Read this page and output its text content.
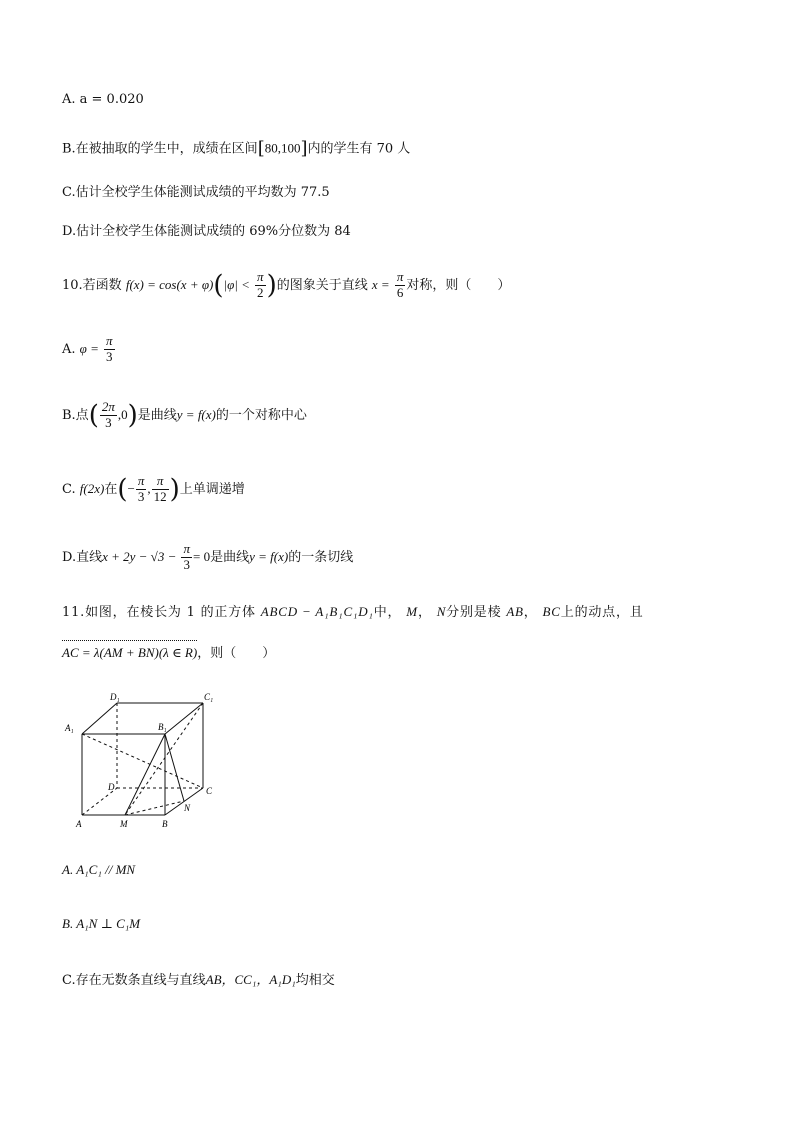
A. a = 0.020
B.在被抽取的学生中，成绩在区间[80,100]内的学生有 70 人
C.估计全校学生体能测试成绩的平均数为 77.5
D.估计全校学生体能测试成绩的 69%分位数为 84
10.若函数 $f(x) = \cos(x + \varphi)(|\varphi| < \frac{\pi}{2}$ )的图象关于直线 $x = \frac{\pi}{6}$ 对称，则（　　）
A. $\varphi = \frac{\pi}{3}$
B.点( $\frac{2\pi}{3} ,0$)是曲线y = f(x)的一个对称中心
C. f(2x)在(− $\frac{\pi}{3}$ , $\frac{\pi}{12}$ )上单调递增
D.直线$x + 2y - √3 - \frac{\pi}{3} = 0$是曲线y = f(x)的一条切线
11.如图，在棱长为 1 的正方体 ABCD − A₁B₁C₁D₁中， M， N分别是棱 AB， BC上的动点，且
AC = λ(AM + BN)(λ ∈ R)，则（　　）
A	M	B
N
C
D
A₁	B₁
C₁
D₁
A. A₁C₁ // MN
B. A₁N ⊥ C₁M
C.存在无数条直线与直线AB，CC₁，A₁D₁均相交
